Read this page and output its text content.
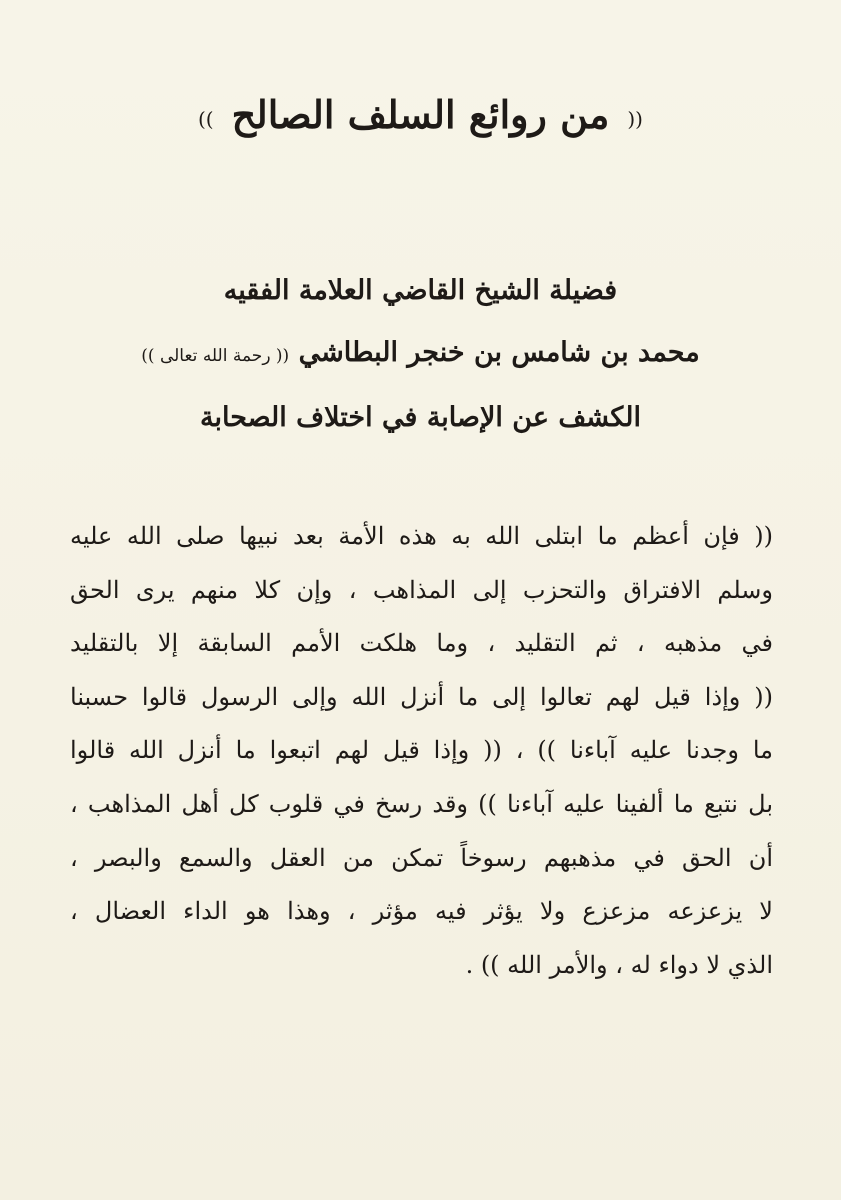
((من روائع السلف الصالح))
فضيلة الشيخ القاضي العلامة الفقيه
محمد بن شامس بن خنجر البطاشي (( رحمة الله تعالى ))
الكشف عن الإصابة في اختلاف الصحابة
(( فإن أعظم ما ابتلى الله به هذه الأمة بعد نبيها صلى الله عليه
وسلم الافتراق والتحزب إلى المذاهب ، وإن كلا منهم يرى الحق
في مذهبه ، ثم التقليد ، وما هلكت الأمم السابقة إلا بالتقليد
(( وإذا قيل لهم تعالوا إلى ما أنزل الله وإلى الرسول قالوا حسبنا
ما وجدنا عليه آباءنا )) ، (( وإذا قيل لهم اتبعوا ما أنزل الله قالوا
بل نتبع ما ألفينا عليه آباءنا )) وقد رسخ في قلوب كل أهل المذاهب ،
أن الحق في مذهبهم رسوخاً تمكن من العقل والسمع والبصر ،
لا يزعزعه مزعزع ولا يؤثر فيه مؤثر ، وهذا هو الداء العضال ،
الذي لا دواء له ، والأمر الله )) .
